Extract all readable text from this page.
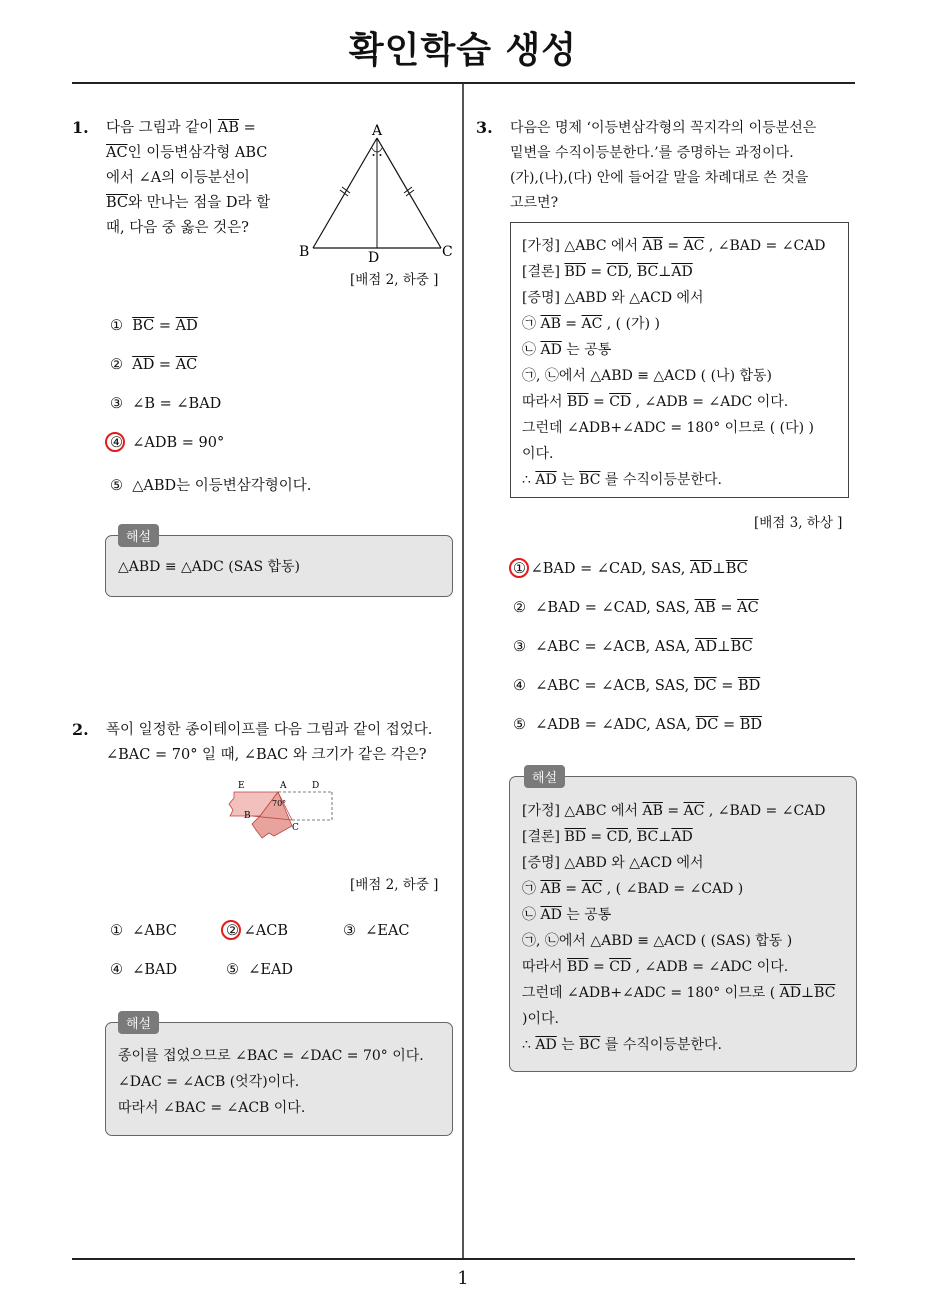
확인학습 생성
1
1. 다음 그림과 같이 $\overline{AB}$ =
$\overline{AC}$인 이등변삼각형 ABC
에서 ∠A의 이등분선이
$\overline{BC}$와 만나는 점을 D라 할
때, 다음 중 옳은 것은?
A
B	C
D
[배점 2, 하중 ]
① $\overline{BC} = \overline{AD}$
② $\overline{AD} = \overline{AC}$
③ ∠B = ∠BAD
④ ∠ADB = 90°
⑤ △ABD는 이등변삼각형이다.
해설
△ABD ≡ △ADC (SAS 합동)
2. 폭이 일정한 종이테이프를 다음 그림과 같이 접었다.
∠BAC = 70° 일 때, ∠BAC 와 크기가 같은 각은?
E	A	D
B
C
70°
[배점 2, 하중 ]
① ∠ABC	② ∠ACB	③ ∠EAC
④ ∠BAD	⑤ ∠EAD
해설
종이를 접었으므로 ∠BAC = ∠DAC = 70° 이다.
∠DAC = ∠ACB (엇각)이다.
따라서 ∠BAC = ∠ACB 이다.
3. 다음은 명제 ‘이등변삼각형의 꼭지각의 이등분선은
밑변을 수직이등분한다.’를 증명하는 과정이다.
(가),(나),(다) 안에 들어갈 말을 차례대로 쓴 것을
고르면?
[가정] △ABC 에서 $\overline{AB} = \overline{AC}$ , ∠BAD = ∠CAD
[결론] $\overline{BD} = \overline{CD}$, $\overline{BC}\perp\overline{AD}$
[증명] △ABD 와 △ACD 에서
㉠ $\overline{AB} = \overline{AC}$ , ( (가) )
㉡ $\overline{AD}$ 는 공통
㉠, ㉡에서 △ABD ≡ △ACD ( (나) 합동)
따라서 $\overline{BD} = \overline{CD}$ , ∠ADB = ∠ADC 이다.
그런데 ∠ADB+∠ADC = 180° 이므로 ( (다) )
이다.
∴ $\overline{AD}$ 는 $\overline{BC}$ 를 수직이등분한다.
[배점 3, 하상 ]
① ∠BAD = ∠CAD, SAS, $\overline{AD}\perp\overline{BC}$
② ∠BAD = ∠CAD, SAS, $\overline{AB} = \overline{AC}$
③ ∠ABC = ∠ACB, ASA, $\overline{AD}\perp\overline{BC}$
④ ∠ABC = ∠ACB, SAS, $\overline{DC} = \overline{BD}$
⑤ ∠ADB = ∠ADC, ASA, $\overline{DC} = \overline{BD}$
해설
[가정] △ABC 에서 $\overline{AB} = \overline{AC}$ , ∠BAD = ∠CAD
[결론] $\overline{BD} = \overline{CD}$, $\overline{BC}\perp\overline{AD}$
[증명] △ABD 와 △ACD 에서
㉠ $\overline{AB} = \overline{AC}$ , ( ∠BAD = ∠CAD )
㉡ $\overline{AD}$ 는 공통
㉠, ㉡에서 △ABD ≡ △ACD ( (SAS) 합동 )
따라서 $\overline{BD} = \overline{CD}$ , ∠ADB = ∠ADC 이다.
그런데 ∠ADB+∠ADC = 180° 이므로 ( $\overline{AD}\perp\overline{BC}$
)이다.
∴ $\overline{AD}$ 는 $\overline{BC}$ 를 수직이등분한다.
